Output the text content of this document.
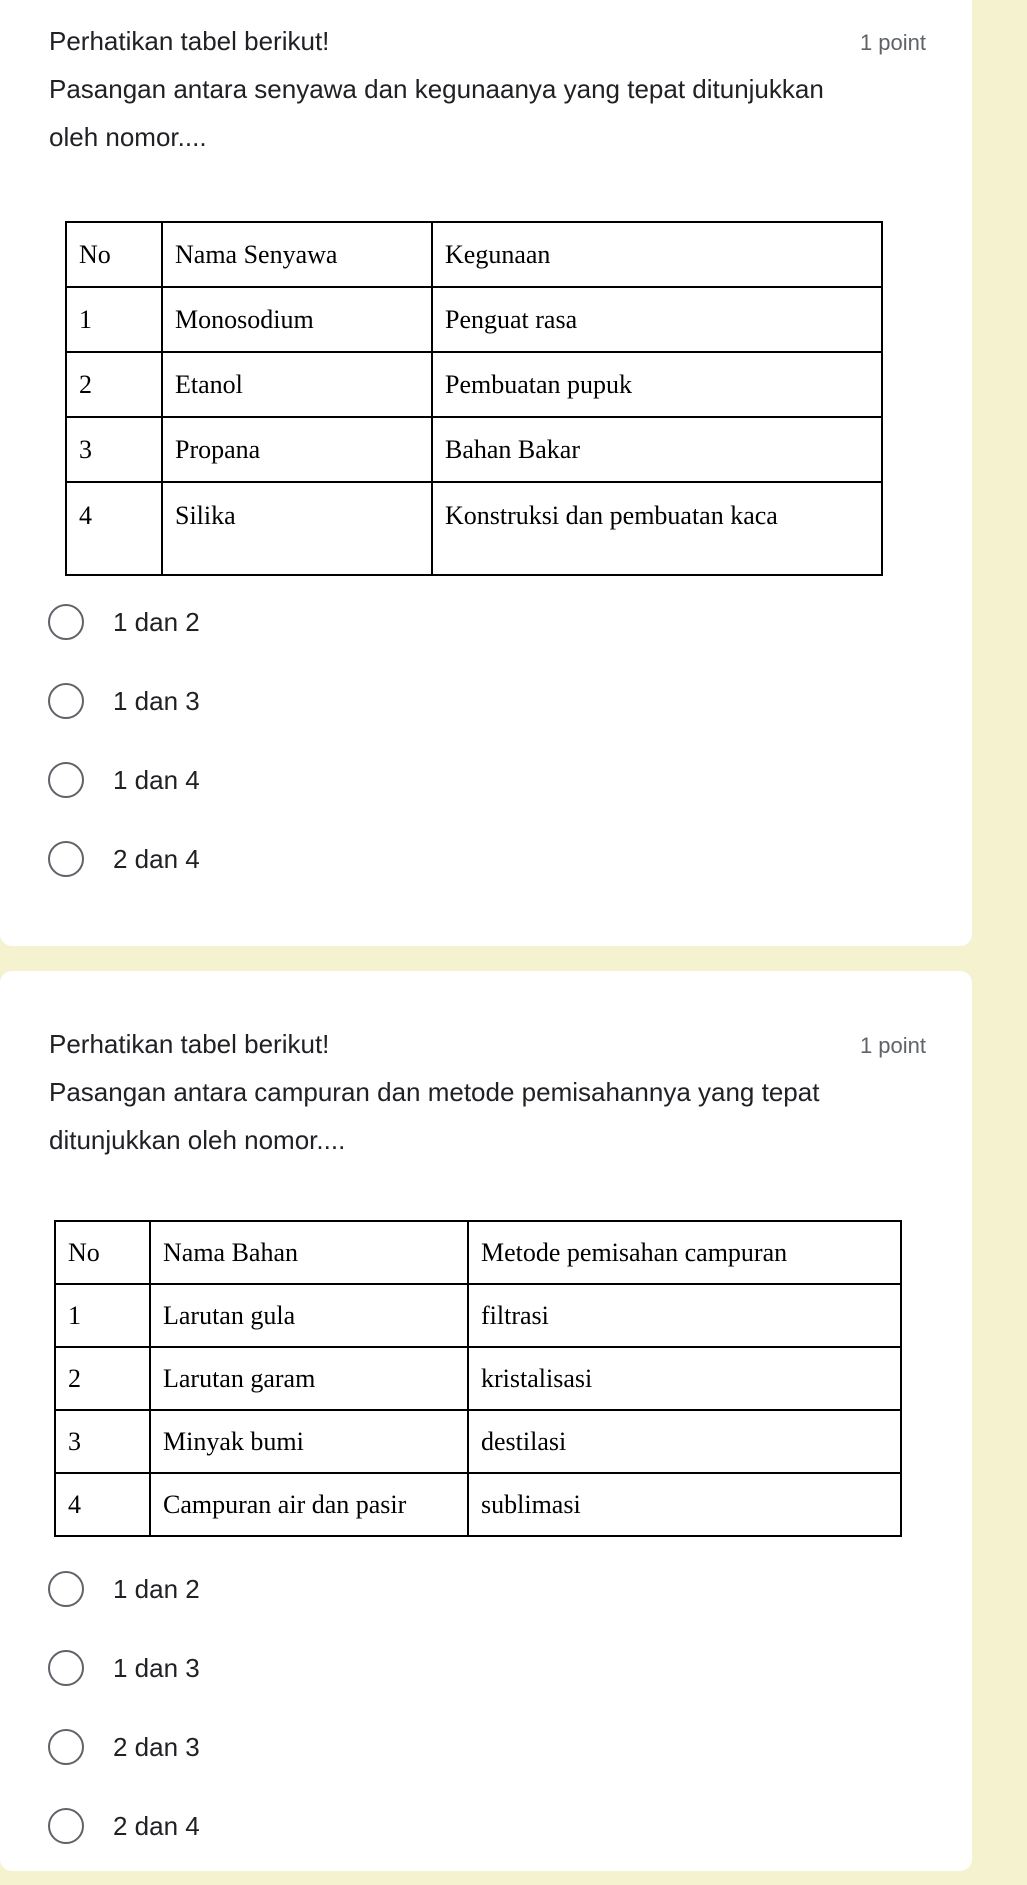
Perhatikan tabel berikut!	1 point

Pasangan antara senyawa dan kegunaanya yang tepat ditunjukkan oleh nomor....

No	Nama Senyawa	Kegunaan
1	Monosodium	Penguat rasa
2	Etanol	Pembuatan pupuk
3	Propana	Bahan Bakar
4	Silika	Konstruksi dan pembuatan kaca
1 dan 2
1 dan 3
1 dan 4
2 dan 4
Perhatikan tabel berikut!	1 point

Pasangan antara campuran dan metode pemisahannya yang tepat ditunjukkan oleh nomor....

No	Nama Bahan	Metode pemisahan campuran
1	Larutan gula	filtrasi
2	Larutan garam	kristalisasi
3	Minyak bumi	destilasi
4	Campuran air dan pasir	sublimasi
1 dan 2
1 dan 3
2 dan 3
2 dan 4
